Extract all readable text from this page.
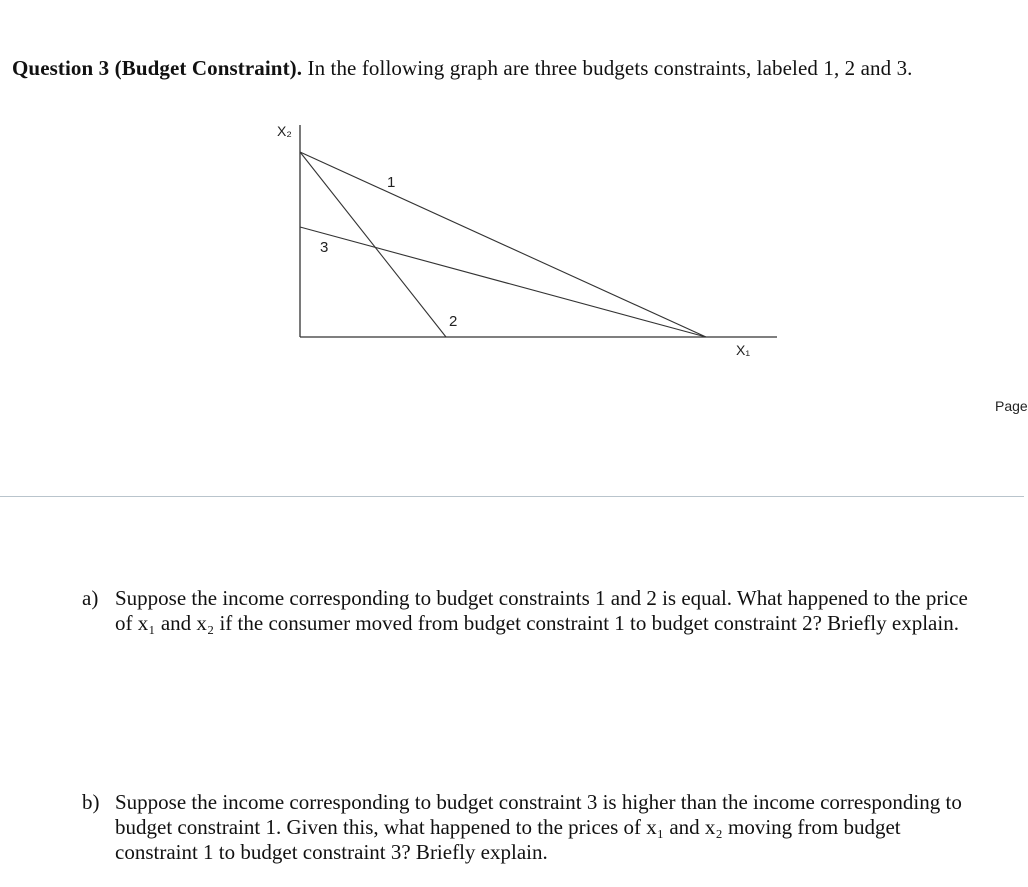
Question 3 (Budget Constraint). In the following graph are three budgets constraints, labeled 1, 2 and 3.
X₂
X₁
1
2
3
Page
a) Suppose the income corresponding to budget constraints 1 and 2 is equal. What happened to the price
of x₁ and x₂ if the consumer moved from budget constraint 1 to budget constraint 2? Briefly explain.
b) Suppose the income corresponding to budget constraint 3 is higher than the income corresponding to
budget constraint 1. Given this, what happened to the prices of x₁ and x₂ moving from budget
constraint 1 to budget constraint 3? Briefly explain.
